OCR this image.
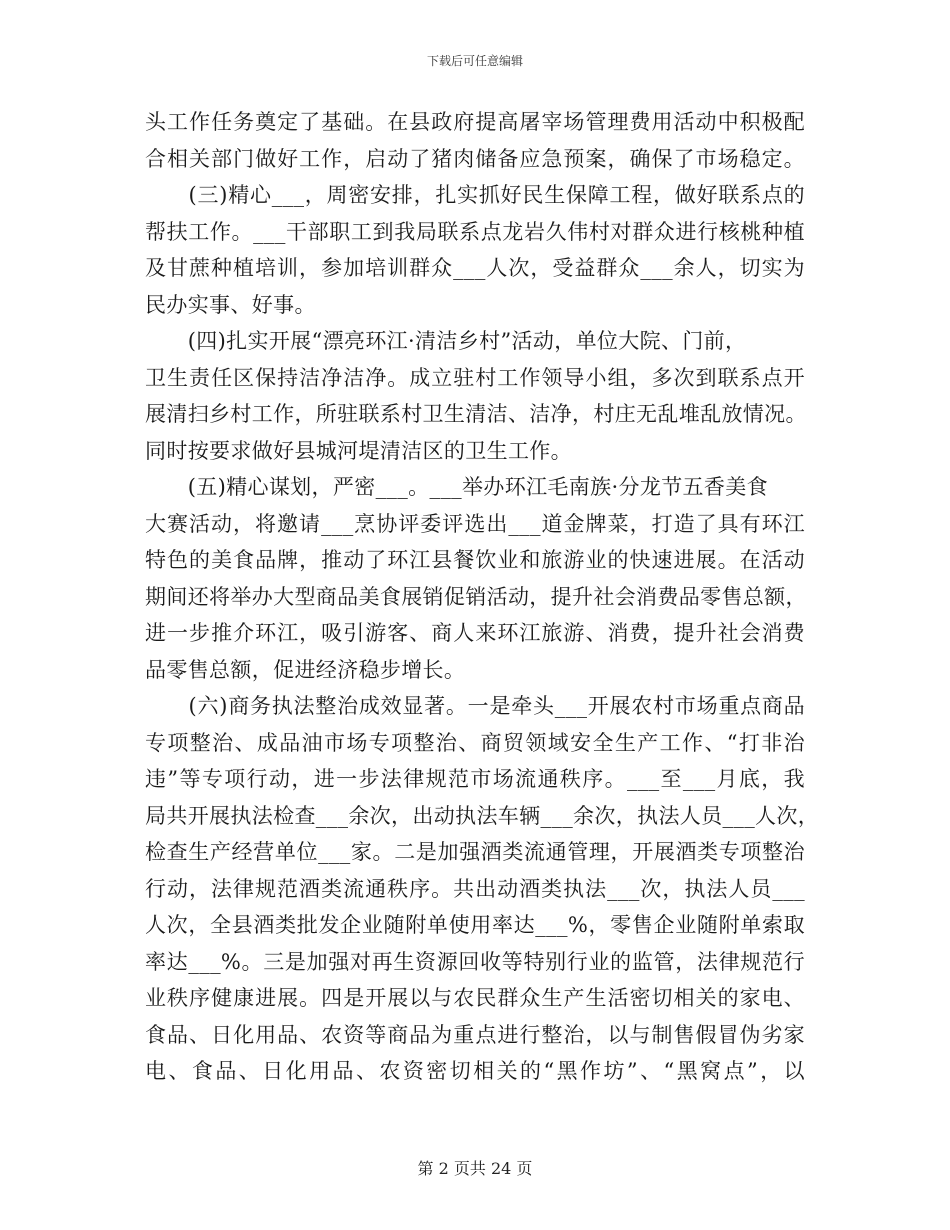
下载后可任意编辑
头工作任务奠定了基础。在县政府提高屠宰场管理费用活动中积极配
合相关部门做好工作，启动了猪肉储备应急预案，确保了市场稳定。
　　(三)精心___，周密安排，扎实抓好民生保障工程，做好联系点的
帮扶工作。___干部职工到我局联系点龙岩久伟村对群众进行核桃种植
及甘蔗种植培训，参加培训群众___人次，受益群众___余人，切实为
民办实事、好事。
　　(四)扎实开展“漂亮环江·清洁乡村”活动，单位大院、门前，
卫生责任区保持洁净洁净。成立驻村工作领导小组，多次到联系点开
展清扫乡村工作，所驻联系村卫生清洁、洁净，村庄无乱堆乱放情况。
同时按要求做好县城河堤清洁区的卫生工作。
　　(五)精心谋划，严密___。___举办环江毛南族·分龙节五香美食
大赛活动，将邀请___烹协评委评选出___道金牌菜，打造了具有环江
特色的美食品牌，推动了环江县餐饮业和旅游业的快速进展。在活动
期间还将举办大型商品美食展销促销活动，提升社会消费品零售总额，
进一步推介环江，吸引游客、商人来环江旅游、消费，提升社会消费
品零售总额，促进经济稳步增长。
　　(六)商务执法整治成效显著。一是牵头___开展农村市场重点商品
专项整治、成品油市场专项整治、商贸领域安全生产工作、“打非治
违”等专项行动，进一步法律规范市场流通秩序。___至___月底，我
局共开展执法检查___余次，出动执法车辆___余次，执法人员___人次，
检查生产经营单位___家。二是加强酒类流通管理，开展酒类专项整治
行动，法律规范酒类流通秩序。共出动酒类执法___次，执法人员___
人次，全县酒类批发企业随附单使用率达___%，零售企业随附单索取
率达___%。三是加强对再生资源回收等特别行业的监管，法律规范行
业秩序健康进展。四是开展以与农民群众生产生活密切相关的家电、
食品、日化用品、农资等商品为重点进行整治，以与制售假冒伪劣家
电、食品、日化用品、农资密切相关的“黑作坊”、“黑窝点”，以
第 2 页共 24 页
